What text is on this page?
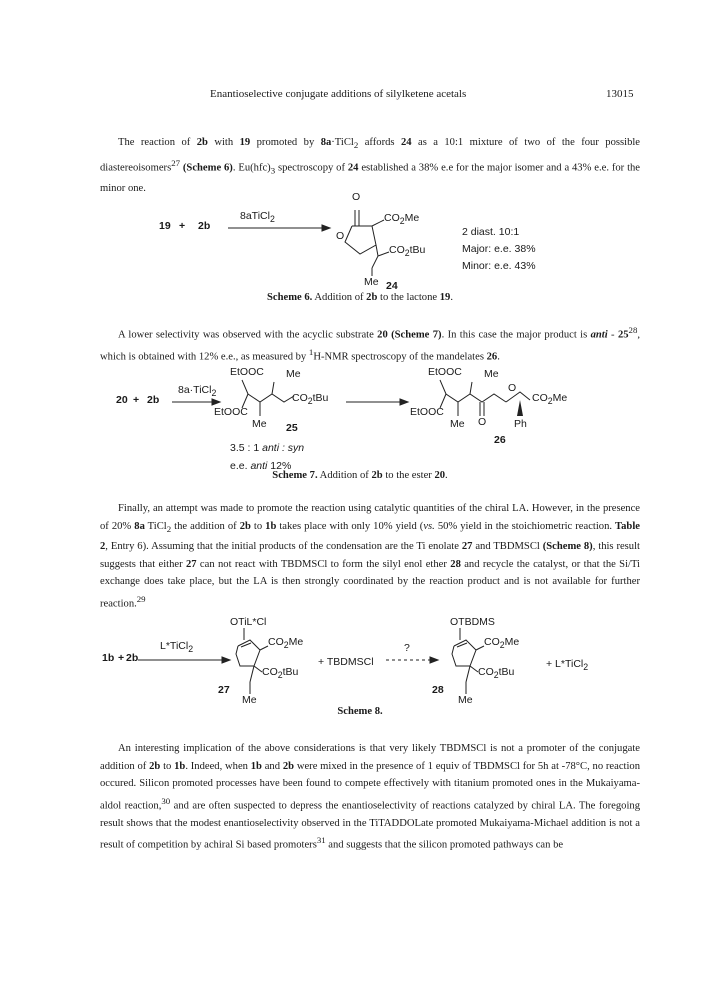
Enantioselective conjugate additions of silylketene acetals	13015

The reaction of 2b with 19 promoted by 8a·TiCl$_2$ affords 24 as a 10:1 mixture of two of the four possible diastereoisomers$^{27}$ (Scheme 6). $Eu(hfc)_3$ spectroscopy of 24 established a 38% e.e for the major isomer and a 43% e.e. for the minor one.

O
O
19 + 2b
8aTiCl$_2$	$CO_2Me$
$CO_2tBu$
Me 24
2 diast. 10:1
Major: e.e. 38%
Minor: e.e. 43%
Scheme 6. Addition of 2b to the lactone 19.

A lower selectivity was observed with the acyclic substrate 20 (Scheme 7). In this case the major product is anti - $25^{28}$, which is obtained with 12% e.e., as measured by $^1$H-NMR spectroscopy of the mandelates 26.

20 + 2b
8a·TiCl$_2$
EtOOC Me
EtOOC
$CO_2tBu$
Me 25
EtOOC Me
EtOOC
O
$CO_2Me$
Me O	Ph
26
3.5 : 1 anti : syn
e.e. anti 12%
Scheme 7. Addition of 2b to the ester 20.

Finally, an attempt was made to promote the reaction using catalytic quantities of the chiral LA. However, in the presence of 20% 8a TiCl$_2$ the addition of 2b to 1b takes place with only 10% yield (vs. 50% yield in the stoichiometric reaction. Table 2, Entry 6). Assuming that the initial products of the condensation are the Ti enolate 27 and TBDMSCl (Scheme 8), this result suggests that either 27 can not react with TBDMSCl to form the silyl enol ether 28 and recycle the catalyst, or that the Si/Ti exchange does take place, but the LA is then strongly coordinated by the reaction product and is not available for further reaction.$^{29}$

1b + 2b
L*TiCl$_2$
OTiL*Cl
$CO_2Me$
$CO_2tBu$
Me
27
+ TBDMSCl
?
OTBDMS
$CO_2Me$
$CO_2tBu$
Me
28
+ L*TiCl$_2$
Scheme 8.

An interesting implication of the above considerations is that very likely TBDMSCl is not a promoter of the conjugate addition of 2b to 1b. Indeed, when 1b and 2b were mixed in the presence of 1 equiv of TBDMSCl for 5h at -78°C, no reaction occured. Silicon promoted processes have been found to compete effectively with titanium promoted ones in the Mukaiyama-aldol reaction,$^{30}$ and are often suspected to depress the enantioselectivity of reactions catalyzed by chiral LA. The foregoing result shows that the modest enantioselectivity observed in the TiTADDOLate promoted Mukaiyama-Michael addition is not a result of competition by achiral Si based promoters$^{31}$ and suggests that the silicon promoted pathways can be
